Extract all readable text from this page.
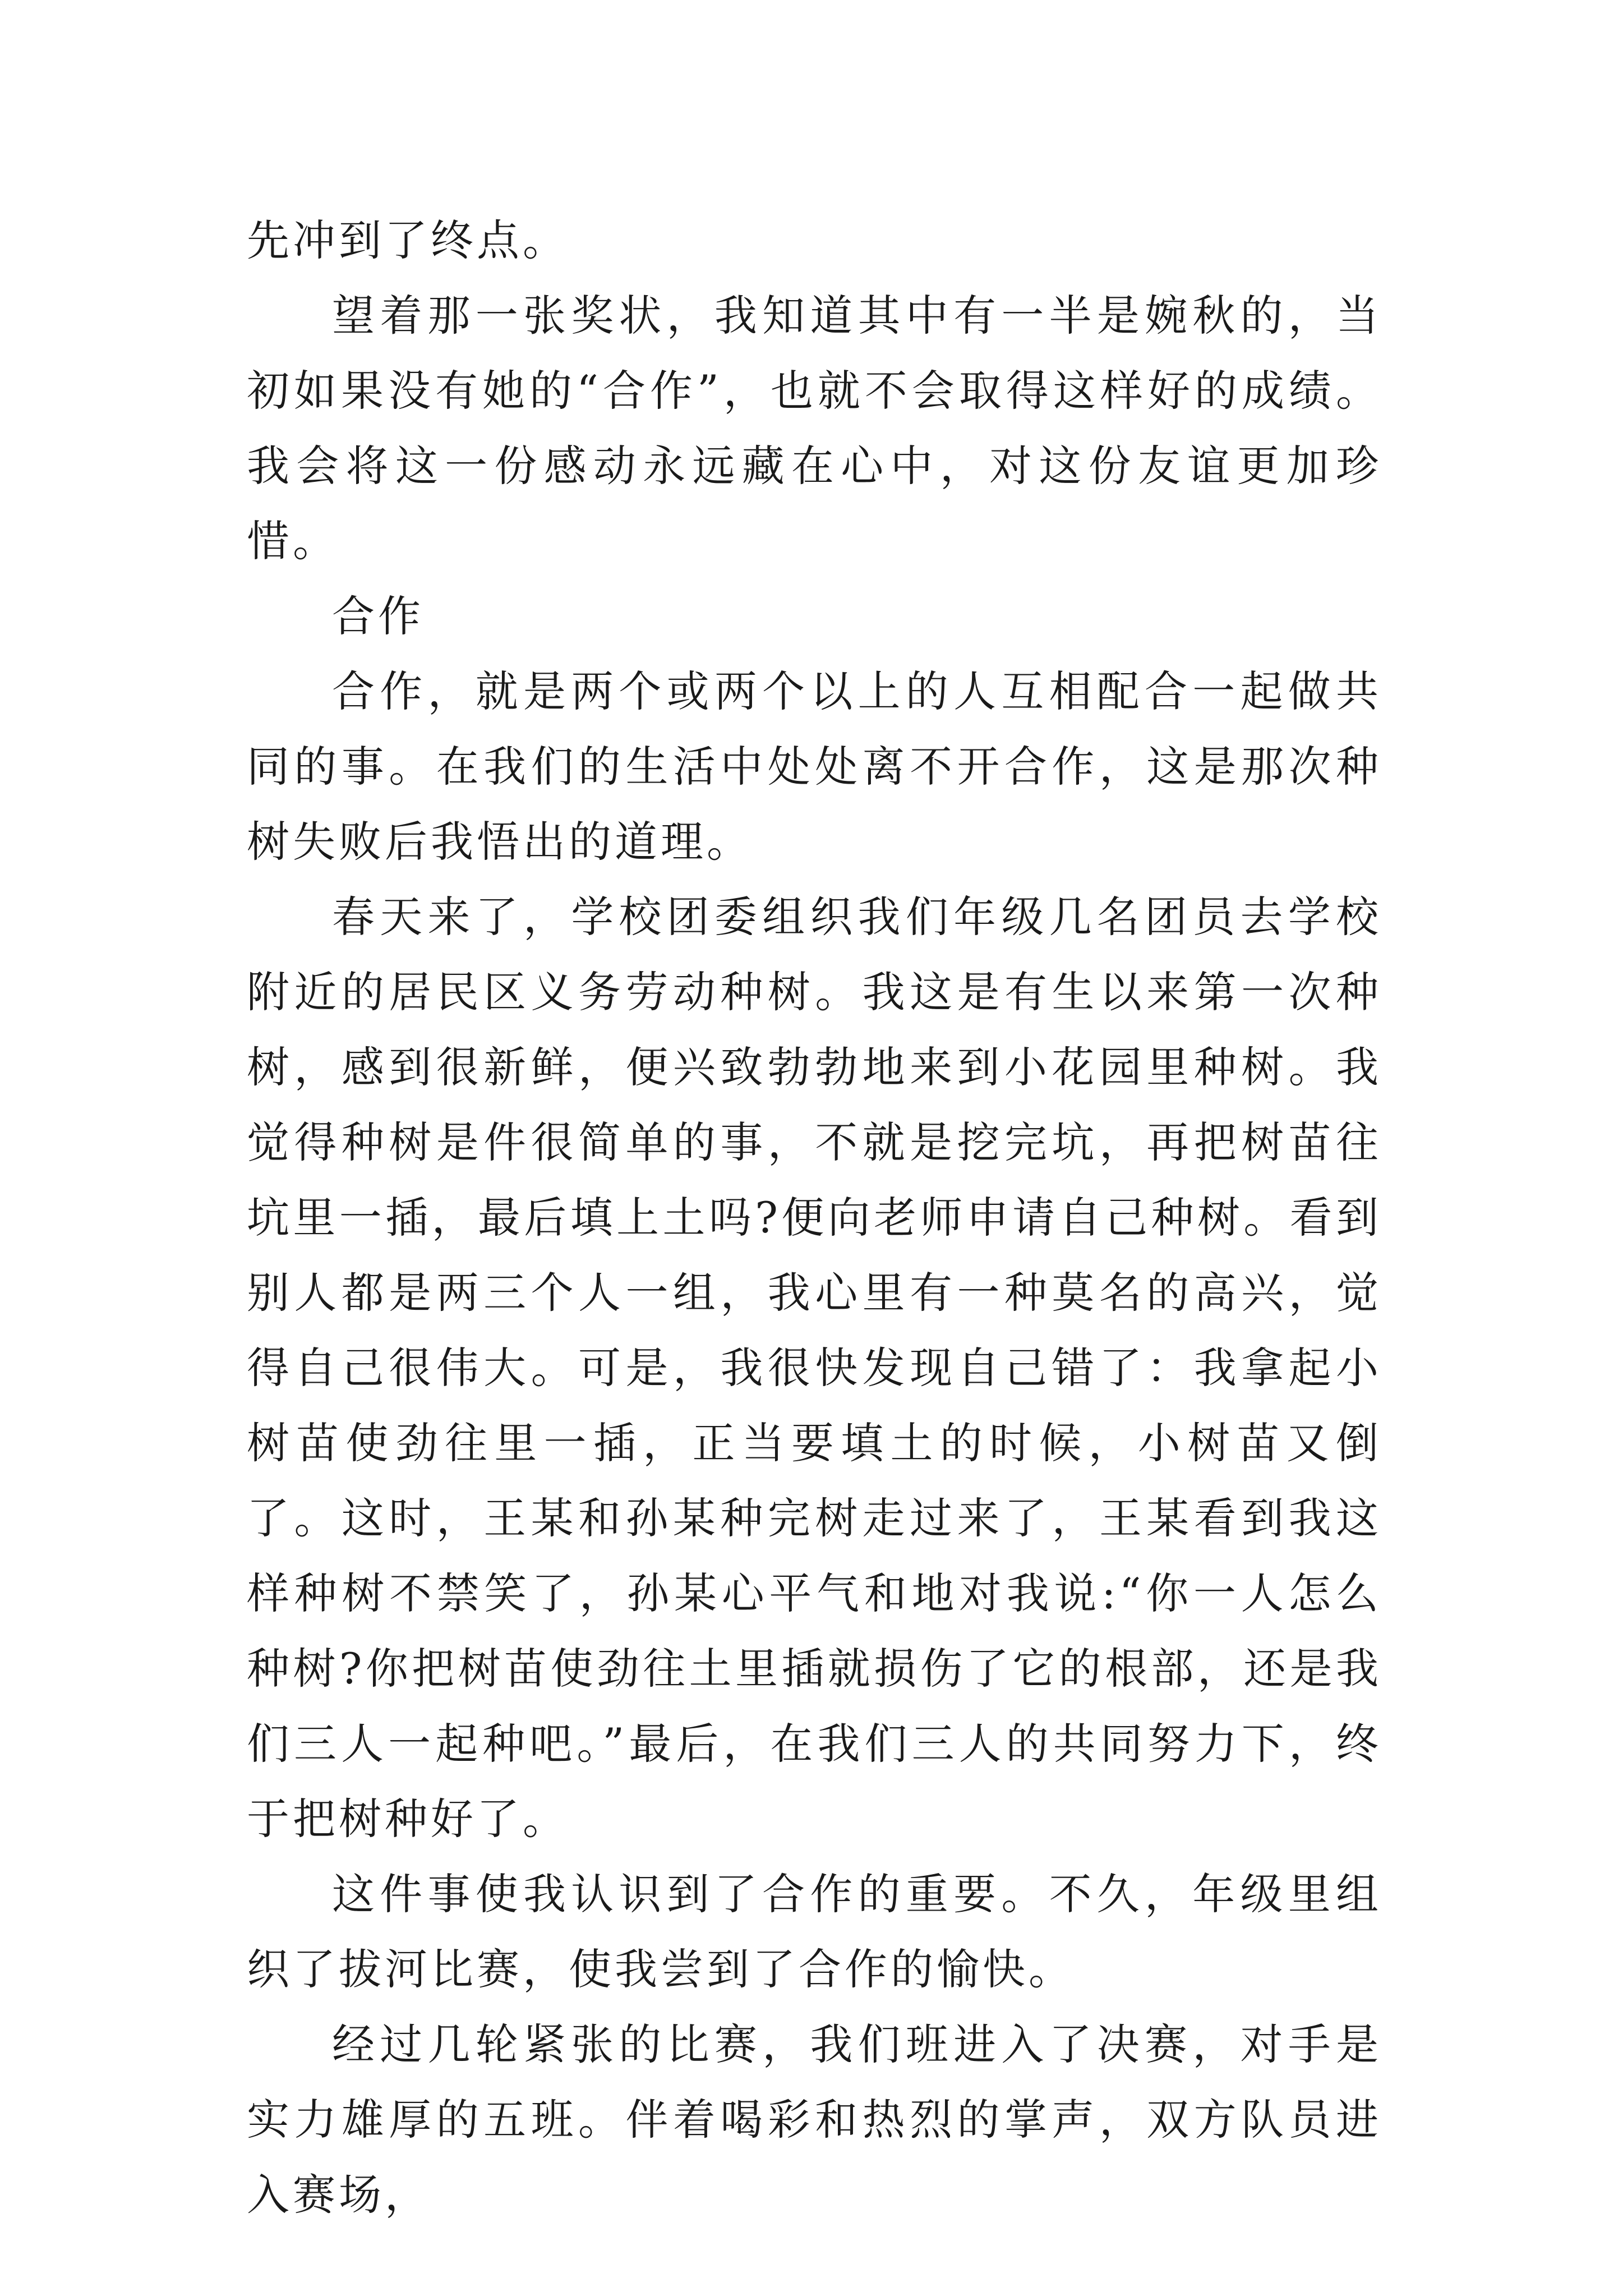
先冲到了终点。

望着那一张奖状，我知道其中有一半是婉秋的，当初如果没有她的“合作”，也就不会取得这样好的成绩。我会将这一份感动永远藏在心中，对这份友谊更加珍惜。

合作

合作，就是两个或两个以上的人互相配合一起做共同的事。在我们的生活中处处离不开合作，这是那次种树失败后我悟出的道理。

春天来了，学校团委组织我们年级几名团员去学校附近的居民区义务劳动种树。我这是有生以来第一次种树，感到很新鲜，便兴致勃勃地来到小花园里种树。我觉得种树是件很简单的事，不就是挖完坑，再把树苗往坑里一插，最后填上土吗?便向老师申请自己种树。看到别人都是两三个人一组，我心里有一种莫名的高兴，觉得自己很伟大。可是，我很快发现自己错了：我拿起小树苗使劲往里一插，正当要填土的时候，小树苗又倒了。这时，王某和孙某种完树走过来了，王某看到我这样种树不禁笑了，孙某心平气和地对我说:“你一人怎么种树?你把树苗使劲往土里插就损伤了它的根部，还是我们三人一起种吧。”最后，在我们三人的共同努力下，终于把树种好了。

这件事使我认识到了合作的重要。不久，年级里组织了拔河比赛，使我尝到了合作的愉快。

经过几轮紧张的比赛，我们班进入了决赛，对手是实力雄厚的五班。伴着喝彩和热烈的掌声，双方队员进入赛场，
